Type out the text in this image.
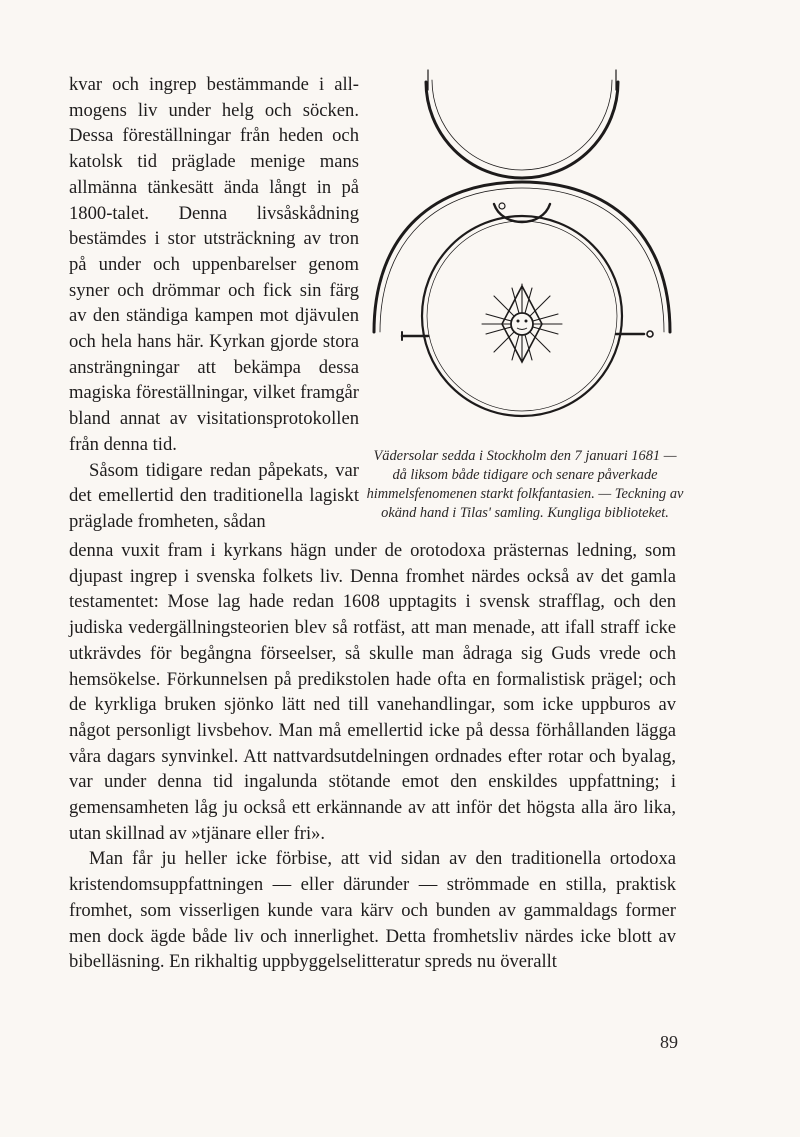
kvar och ingrep bestämmande i allmogens liv under helg och söcken. Dessa föreställningar från heden och katolsk tid präglade menige mans allmänna tänkesätt ända långt in på 1800-talet. Denna livsåskådning bestämdes i stor utsträckning av tron på under och uppenbarelser genom syner och drömmar och fick sin färg av den ständiga kampen mot djävulen och hela hans här. Kyrkan gjorde stora ansträngningar att bekämpa dessa magiska föreställningar, vilket framgår bland annat av visitationsprotokollen från denna tid.

Såsom tidigare redan påpekats, var det emellertid den traditionella lagiskt präglade fromheten, sådan

Vädersolar sedda i Stockholm den 7 januari 1681 — då liksom både tidigare och senare påverkade himmelsfenomenen starkt folkfantasien. — Teckning av okänd hand i Tilas' samling. Kungliga biblioteket.

denna vuxit fram i kyrkans hägn under de orotodoxa prästernas ledning, som djupast ingrep i svenska folkets liv. Denna fromhet närdes också av det gamla testamentet: Mose lag hade redan 1608 upptagits i svensk strafflag, och den judiska vedergällningsteorien blev så rotfäst, att man menade, att ifall straff icke utkrävdes för begångna förseelser, så skulle man ådraga sig Guds vrede och hemsökelse. Förkunnelsen på predikstolen hade ofta en formalistisk prägel; och de kyrkliga bruken sjönko lätt ned till vanehandlingar, som icke uppburos av något personligt livsbehov. Man må emellertid icke på dessa förhållanden lägga våra dagars synvinkel. Att nattvardsutdelningen ordnades efter rotar och byalag, var under denna tid ingalunda stötande emot den enskildes uppfattning; i gemensamheten låg ju också ett erkännande av att inför det högsta alla äro lika, utan skillnad av »tjänare eller fri».

Man får ju heller icke förbise, att vid sidan av den traditionella ortodoxa kristendomsuppfattningen — eller därunder — strömmade en stilla, praktisk fromhet, som visserligen kunde vara kärv och bunden av gammaldags former men dock ägde både liv och innerlighet. Detta fromhetsliv närdes icke blott av bibelläsning. En rikhaltig uppbyggelselitteratur spreds nu överallt

89
